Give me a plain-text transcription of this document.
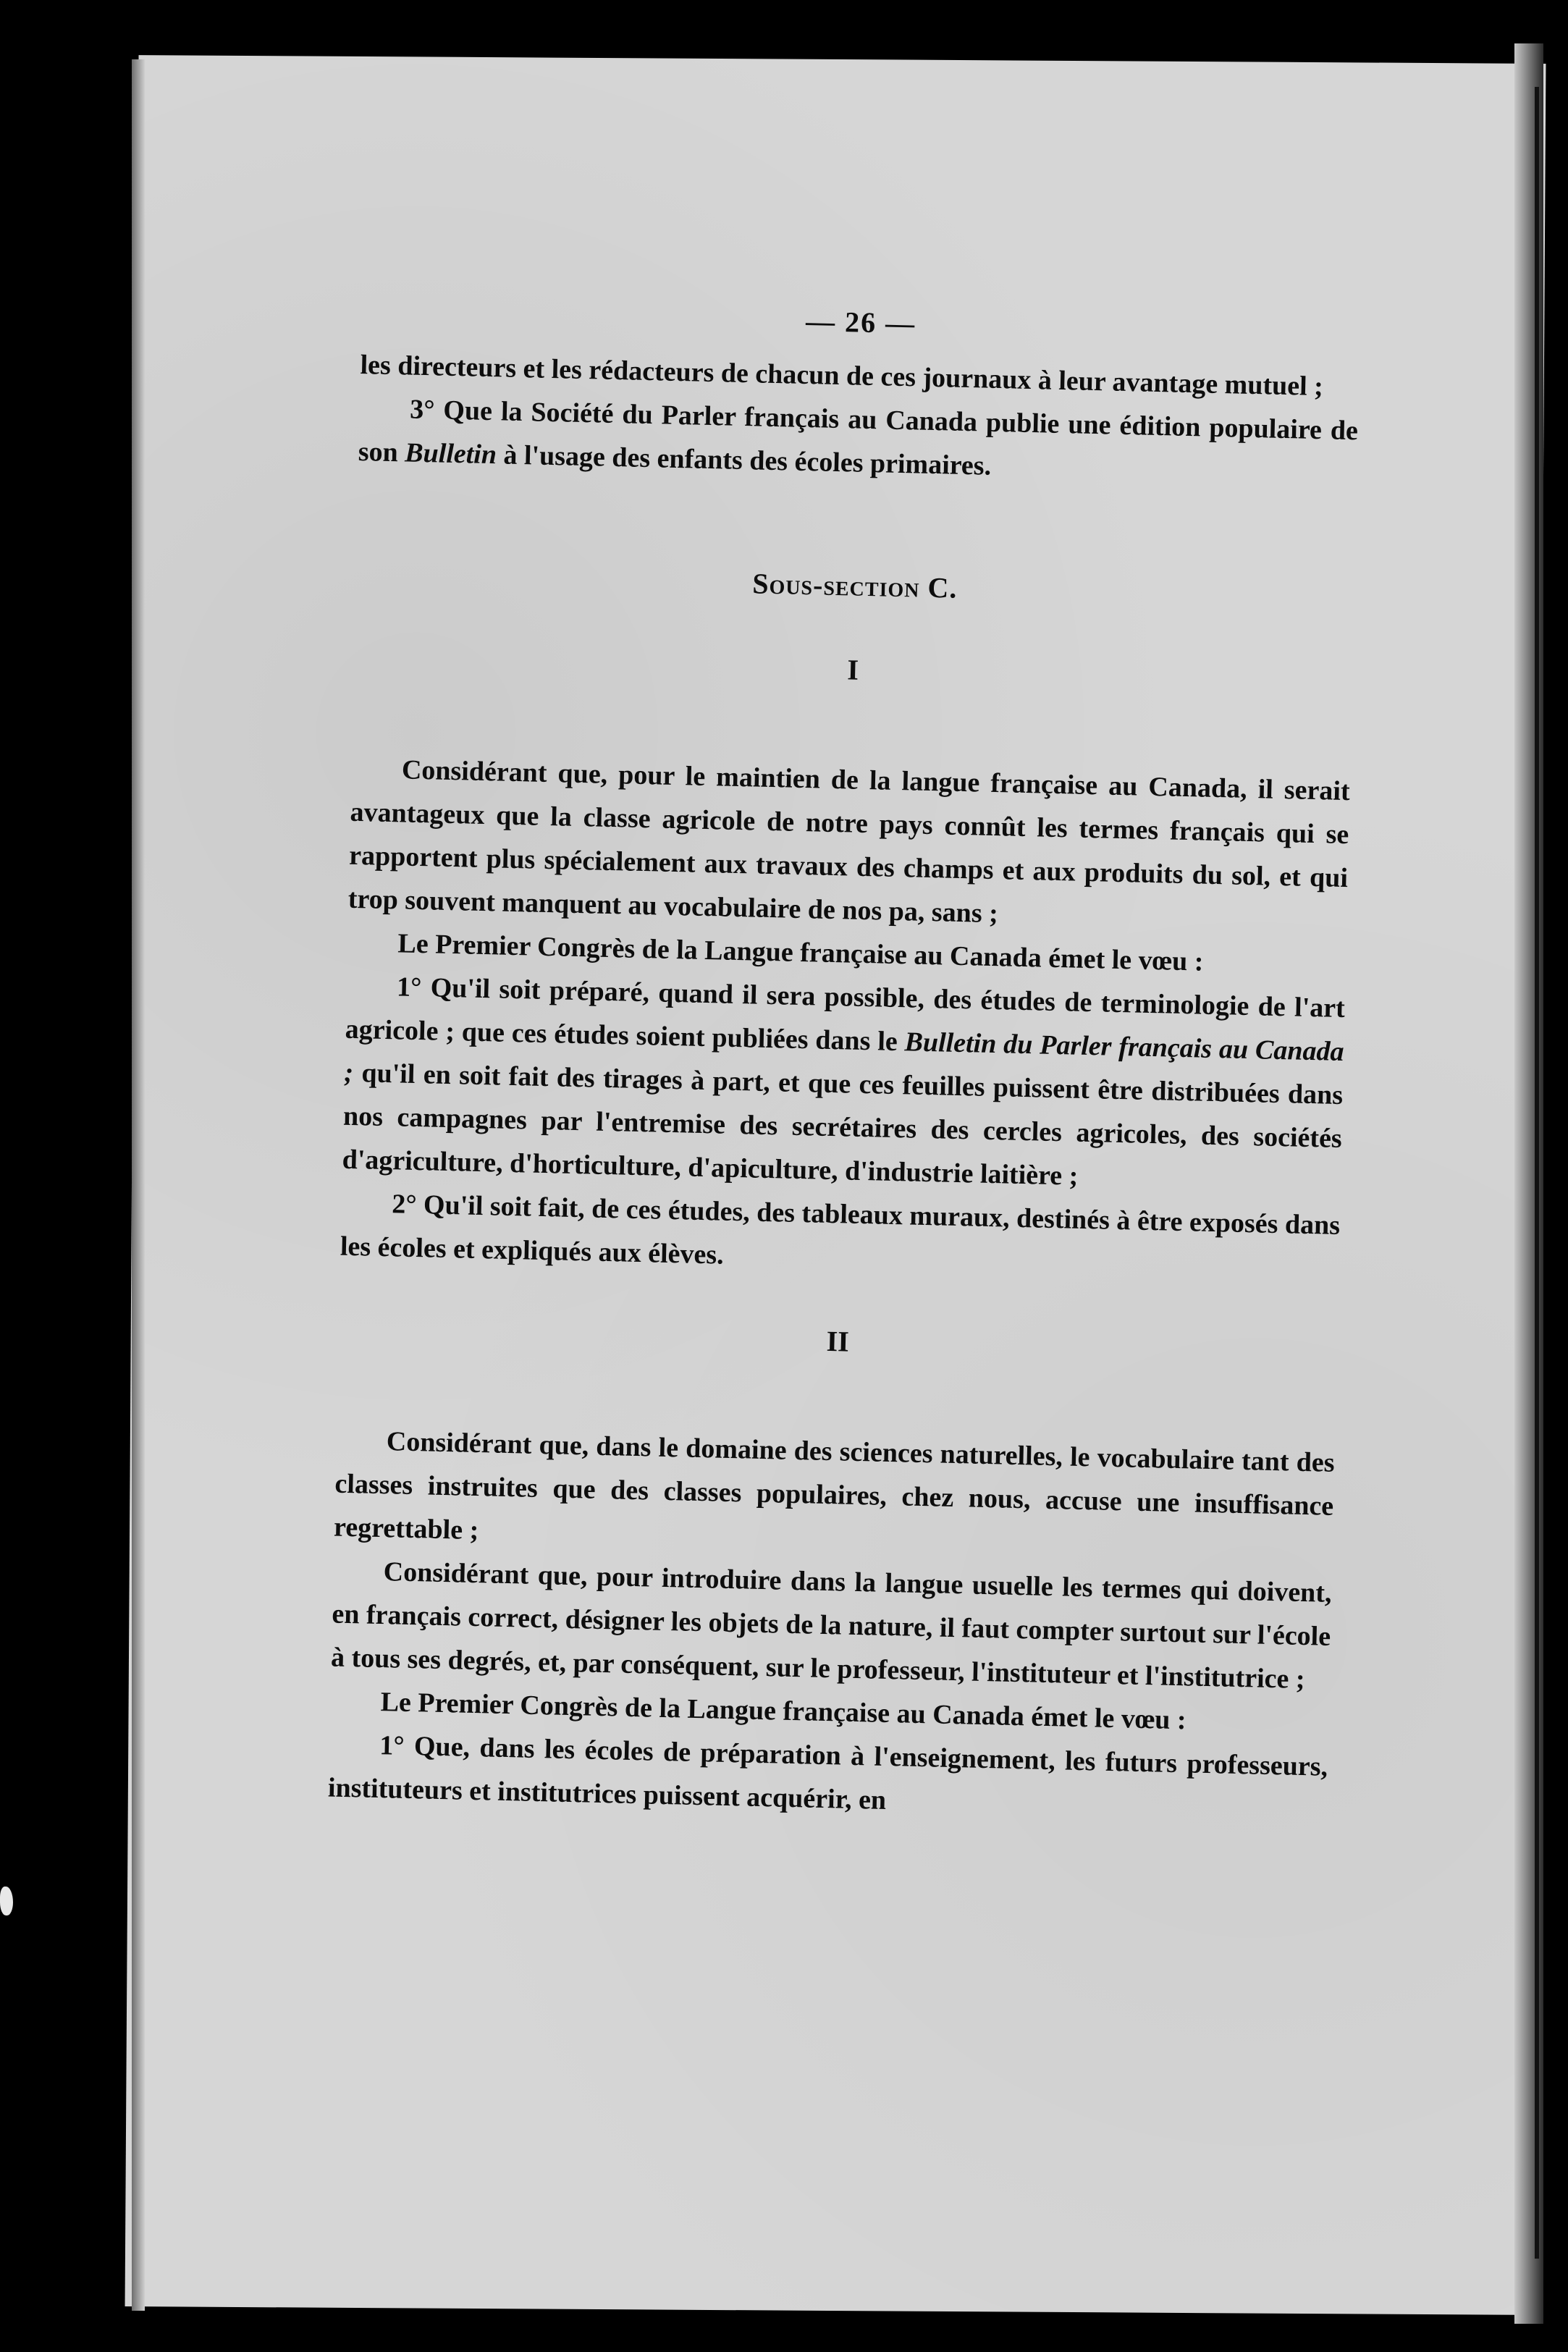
— 26 —

les directeurs et les rédacteurs de chacun de ces journaux à leur avantage mutuel ;

3° Que la Société du Parler français au Canada publie une édition populaire de son Bulletin à l'usage des enfants des écoles primaires.

Sous-section C.
I

Considérant que, pour le maintien de la langue française au Canada, il serait avantageux que la classe agricole de notre pays connût les termes français qui se rapportent plus spécialement aux travaux des champs et aux produits du sol, et qui trop souvent manquent au vocabulaire de nos pa, sans ;

Le Premier Congrès de la Langue française au Canada émet le vœu :

1° Qu'il soit préparé, quand il sera possible, des études de terminologie de l'art agricole ; que ces études soient publiées dans le Bulletin du Parler français au Canada ; qu'il en soit fait des tirages à part, et que ces feuilles puissent être distribuées dans nos campagnes par l'entremise des secrétaires des cercles agricoles, des sociétés d'agriculture, d'horticulture, d'apiculture, d'industrie laitière ;

2° Qu'il soit fait, de ces études, des tableaux muraux, destinés à être exposés dans les écoles et expliqués aux élèves.

II

Considérant que, dans le domaine des sciences naturelles, le vocabulaire tant des classes instruites que des classes populaires, chez nous, accuse une insuffisance regrettable ;

Considérant que, pour introduire dans la langue usuelle les termes qui doivent, en français correct, désigner les objets de la nature, il faut compter surtout sur l'école à tous ses degrés, et, par conséquent, sur le professeur, l'instituteur et l'institutrice ;

Le Premier Congrès de la Langue française au Canada émet le vœu :

1° Que, dans les écoles de préparation à l'enseignement, les futurs professeurs, instituteurs et institutrices puissent acquérir, en
